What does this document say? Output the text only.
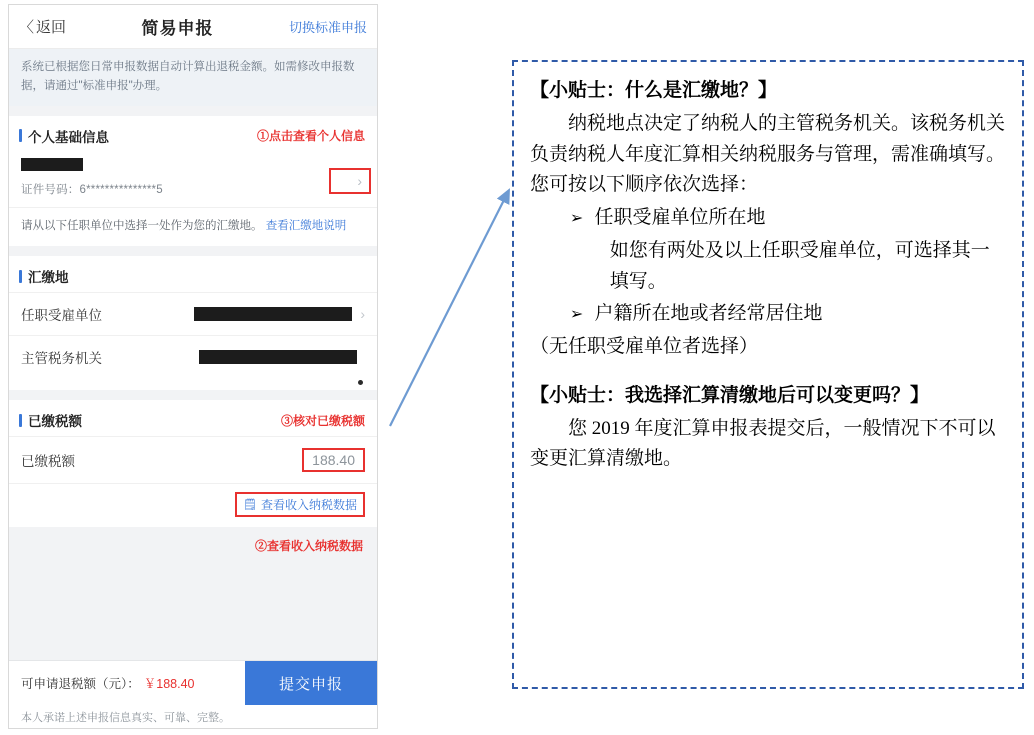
〈 返回	简易申报	切换标准申报
系统已根据您日常申报数据自动计算出退税金额。如需修改申报数据，请通过"标准申报"办理。
个人基础信息	①点击查看个人信息
证件号码：6***************5
›
请从以下任职单位中选择一处作为您的汇缴地。 查看汇缴地说明
汇缴地
任职受雇单位	›
主管税务机关
已缴税额	③核对已缴税额
已缴税额	188.40
🗒 查看收入纳税数据
②查看收入纳税数据
可申请退税额（元）： ￥188.40	提交申报
本人承诺上述申报信息真实、可靠、完整。

【小贴士：什么是汇缴地？】

纳税地点决定了纳税人的主管税务机关。该税务机关负责纳税人年度汇算相关纳税服务与管理，需准确填写。您可按以下顺序依次选择：

➢ 任职受雇单位所在地

如您有两处及以上任职受雇单位，可选择其一填写。

➢ 户籍所在地或者经常居住地

（无任职受雇单位者选择）

【小贴士：我选择汇算清缴地后可以变更吗？】

您 2019 年度汇算申报表提交后，一般情况下不可以变更汇算清缴地。
